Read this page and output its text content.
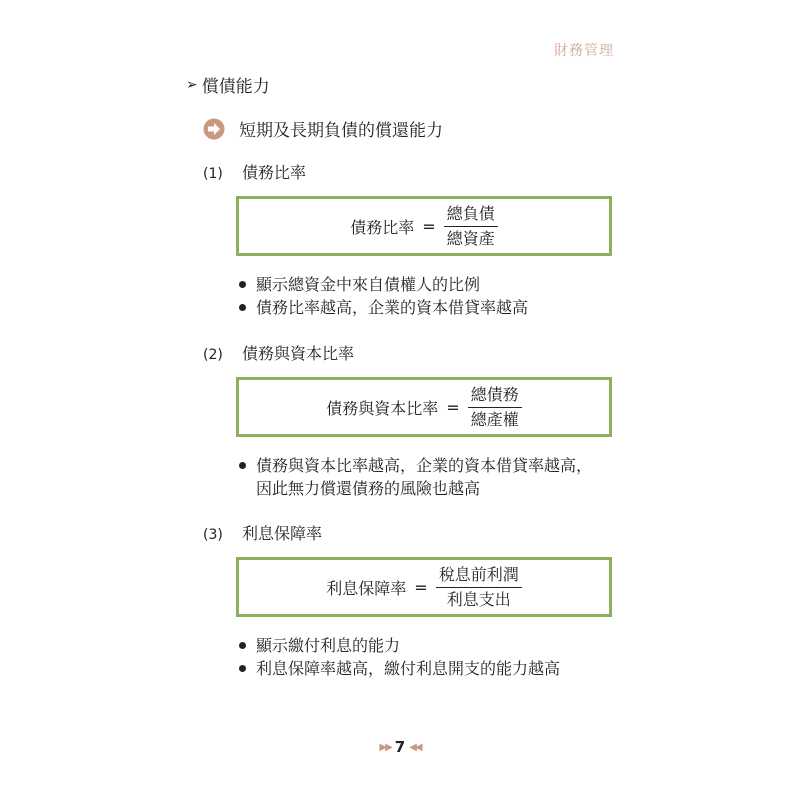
財務管理
➢ 償債能力
短期及長期負債的償還能力
(1) 債務比率
債務比率 = $\frac{\text{總負債}}{\text{總資產}}$
顯示總資金中來自債權人的比例
債務比率越高，企業的資本借貸率越高
(2) 債務與資本比率
債務與資本比率 = $\frac{\text{總債務}}{\text{總產權}}$
債務與資本比率越高，企業的資本借貸率越高，
因此無力償還債務的風險也越高
(3) 利息保障率
利息保障率 = $\frac{\text{稅息前利潤}}{\text{利息支出}}$
顯示繳付利息的能力
利息保障率越高，繳付利息開支的能力越高
▶▶ 7 ◀◀
